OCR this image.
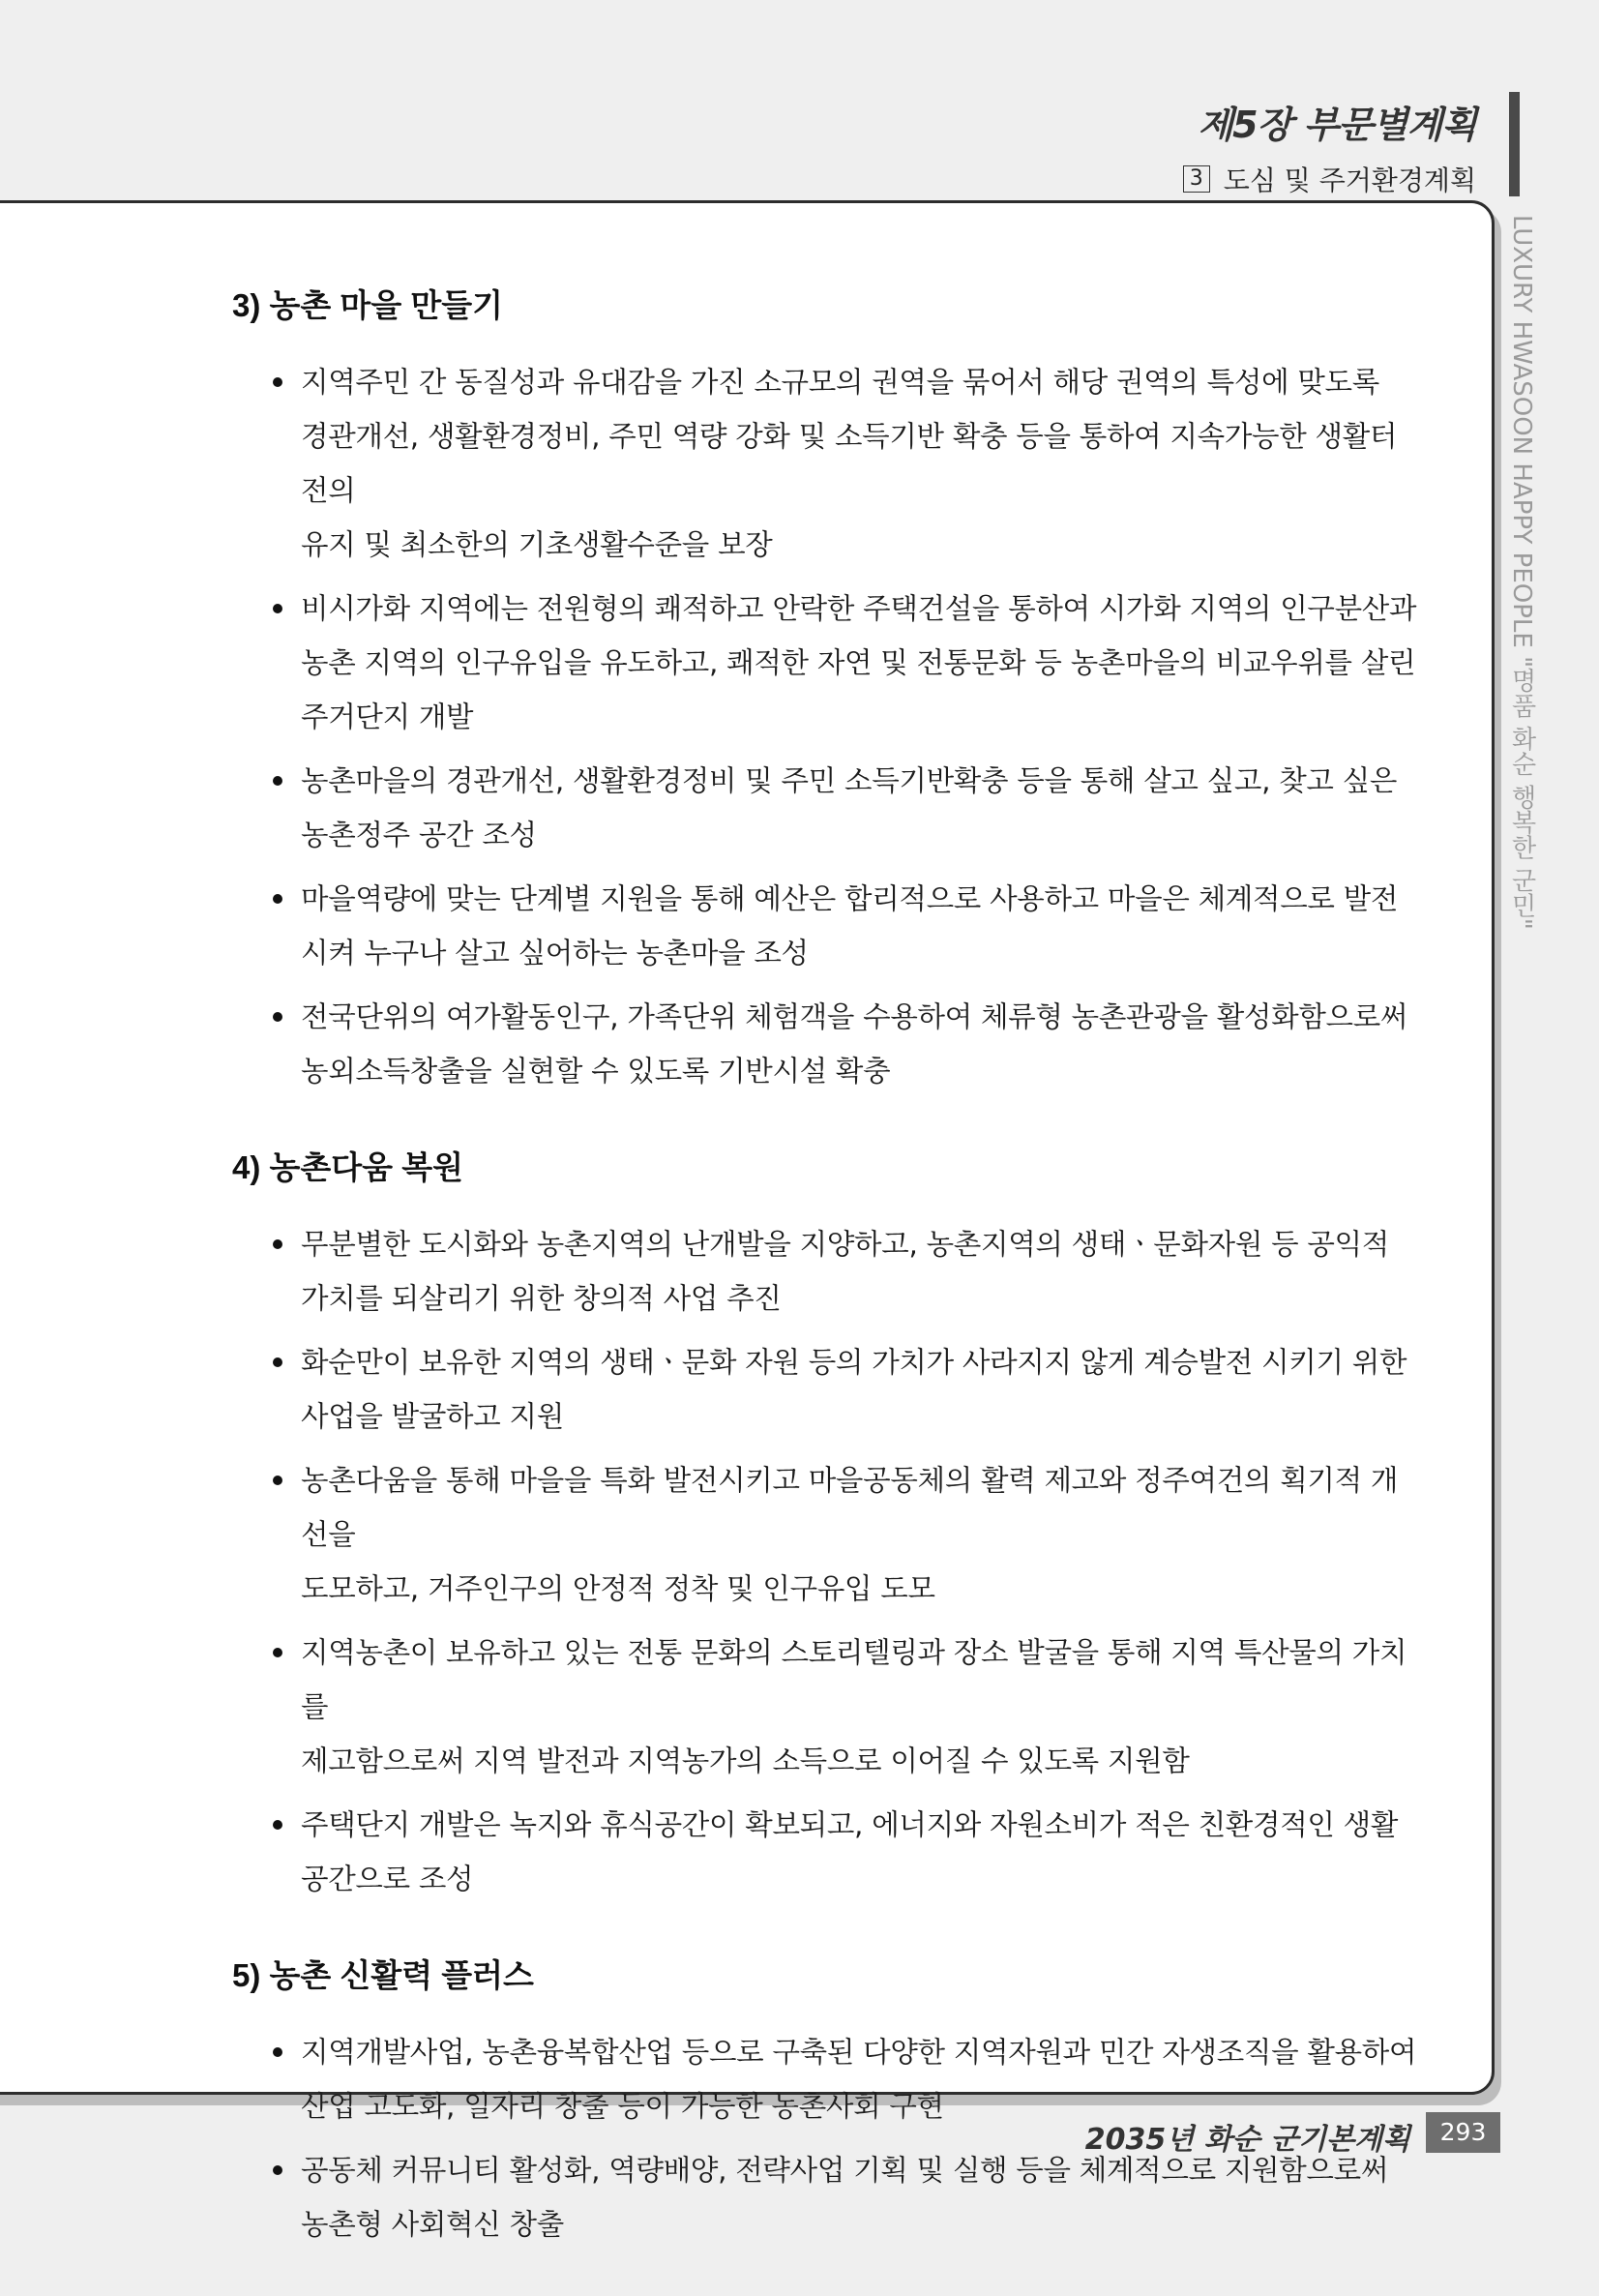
제5장 부문별계획
3 도심 및 주거환경계획
LUXURY HWASOON HAPPY PEOPLE "명품 화순 행복한 군민"
3) 농촌 마을 만들기
지역주민 간 동질성과 유대감을 가진 소규모의 권역을 묶어서 해당 권역의 특성에 맞도록
경관개선, 생활환경정비, 주민 역량 강화 및 소득기반 확충 등을 통하여 지속가능한 생활터전의
유지 및 최소한의 기초생활수준을 보장
비시가화 지역에는 전원형의 쾌적하고 안락한 주택건설을 통하여 시가화 지역의 인구분산과
농촌 지역의 인구유입을 유도하고, 쾌적한 자연 및 전통문화 등 농촌마을의 비교우위를 살린
주거단지 개발
농촌마을의 경관개선, 생활환경정비 및 주민 소득기반확충 등을 통해 살고 싶고, 찾고 싶은
농촌정주 공간 조성
마을역량에 맞는 단계별 지원을 통해 예산은 합리적으로 사용하고 마을은 체계적으로 발전
시켜 누구나 살고 싶어하는 농촌마을 조성
전국단위의 여가활동인구, 가족단위 체험객을 수용하여 체류형 농촌관광을 활성화함으로써
농외소득창출을 실현할 수 있도록 기반시설 확충
4) 농촌다움 복원
무분별한 도시화와 농촌지역의 난개발을 지양하고, 농촌지역의 생태ㆍ문화자원 등 공익적
가치를 되살리기 위한 창의적 사업 추진
화순만이 보유한 지역의 생태ㆍ문화 자원 등의 가치가 사라지지 않게 계승발전 시키기 위한
사업을 발굴하고 지원
농촌다움을 통해 마을을 특화 발전시키고 마을공동체의 활력 제고와 정주여건의 획기적 개선을
도모하고, 거주인구의 안정적 정착 및 인구유입 도모
지역농촌이 보유하고 있는 전통 문화의 스토리텔링과 장소 발굴을 통해 지역 특산물의 가치를
제고함으로써 지역 발전과 지역농가의 소득으로 이어질 수 있도록 지원함
주택단지 개발은 녹지와 휴식공간이 확보되고, 에너지와 자원소비가 적은 친환경적인 생활
공간으로 조성
5) 농촌 신활력 플러스
지역개발사업, 농촌융복합산업 등으로 구축된 다양한 지역자원과 민간 자생조직을 활용하여
산업 고도화, 일자리 창출 등이 가능한 농촌사회 구현
공동체 커뮤니티 활성화, 역량배양, 전략사업 기획 및 실행 등을 체계적으로 지원함으로써
농촌형 사회혁신 창출
2035년 화순 군기본계획	293
